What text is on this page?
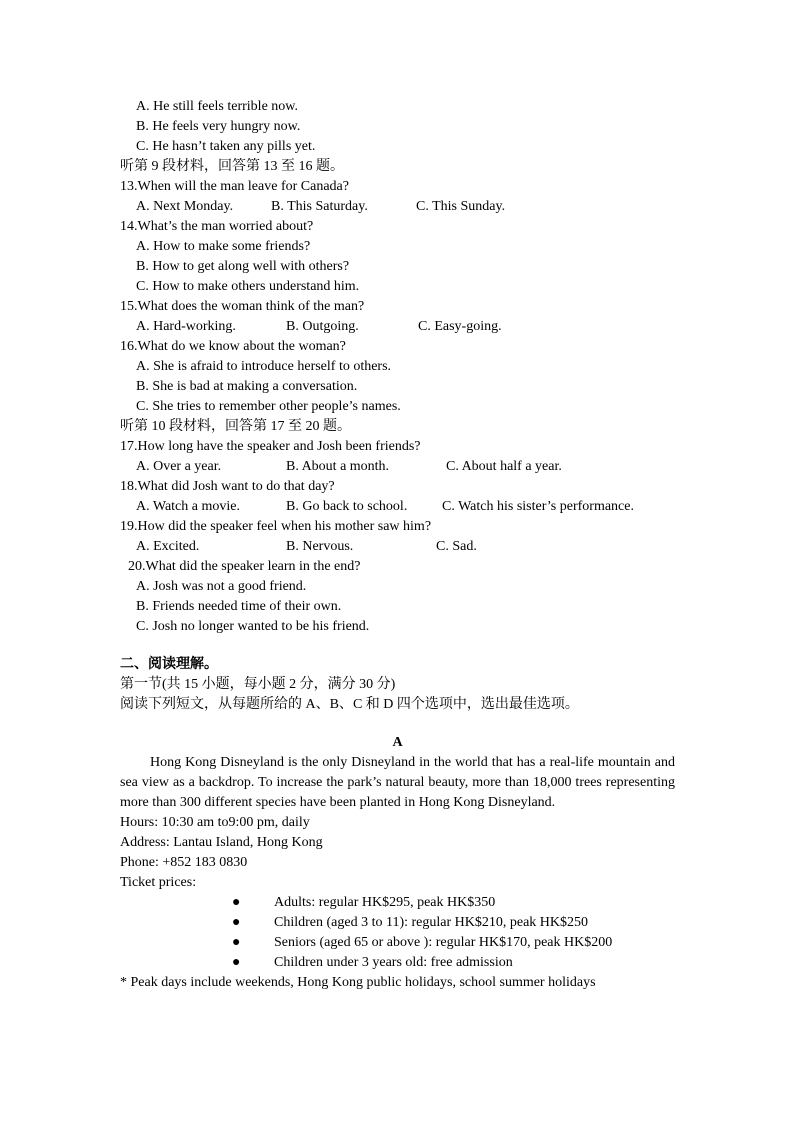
A. He still feels terrible now.
B. He feels very hungry now.
C. He hasn’t taken any pills yet.
听第 9 段材料，回答第 13 至 16 题。
13.When will the man leave for Canada?
A. Next Monday.	B. This Saturday.	C. This Sunday.
14.What’s the man worried about?
A. How to make some friends?
B. How to get along well with others?
C. How to make others understand him.
15.What does the woman think of the man?
A. Hard-working.	B. Outgoing.	C. Easy-going.
16.What do we know about the woman?
A. She is afraid to introduce herself to others.
B. She is bad at making a conversation.
C. She tries to remember other people’s names.
听第 10 段材料，回答第 17 至 20 题。
17.How long have the speaker and Josh been friends?
A. Over a year.	B. About a month.	C. About half a year.
18.What did Josh want to do that day?
A. Watch a movie.	B. Go back to school.	C. Watch his sister’s performance.
19.How did the speaker feel when his mother saw him?
A. Excited.	B. Nervous.	C. Sad.
20.What did the speaker learn in the end?
A. Josh was not a good friend.
B. Friends needed time of their own.
C. Josh no longer wanted to be his friend.
二、阅读理解。
第一节(共 15 小题，每小题 2 分，满分 30 分)
阅读下列短文，从每题所给的 A、B、C 和 D 四个选项中，选出最佳选项。
A
Hong Kong Disneyland is the only Disneyland in the world that has a real-life mountain and sea view as a backdrop. To increase the park’s natural beauty, more than 18,000 trees representing more than 300 different species have been planted in Hong Kong Disneyland.
Hours: 10:30 am to9:00 pm, daily
Address: Lantau Island, Hong Kong
Phone: +852 183 0830
Ticket prices:
●	Adults: regular HK$295, peak HK$350
●	Children (aged 3 to 11): regular HK$210, peak HK$250
●	Seniors (aged 65 or above ): regular HK$170, peak HK$200
●	Children under 3 years old: free admission
* Peak days include weekends, Hong Kong public holidays, school summer holidays
